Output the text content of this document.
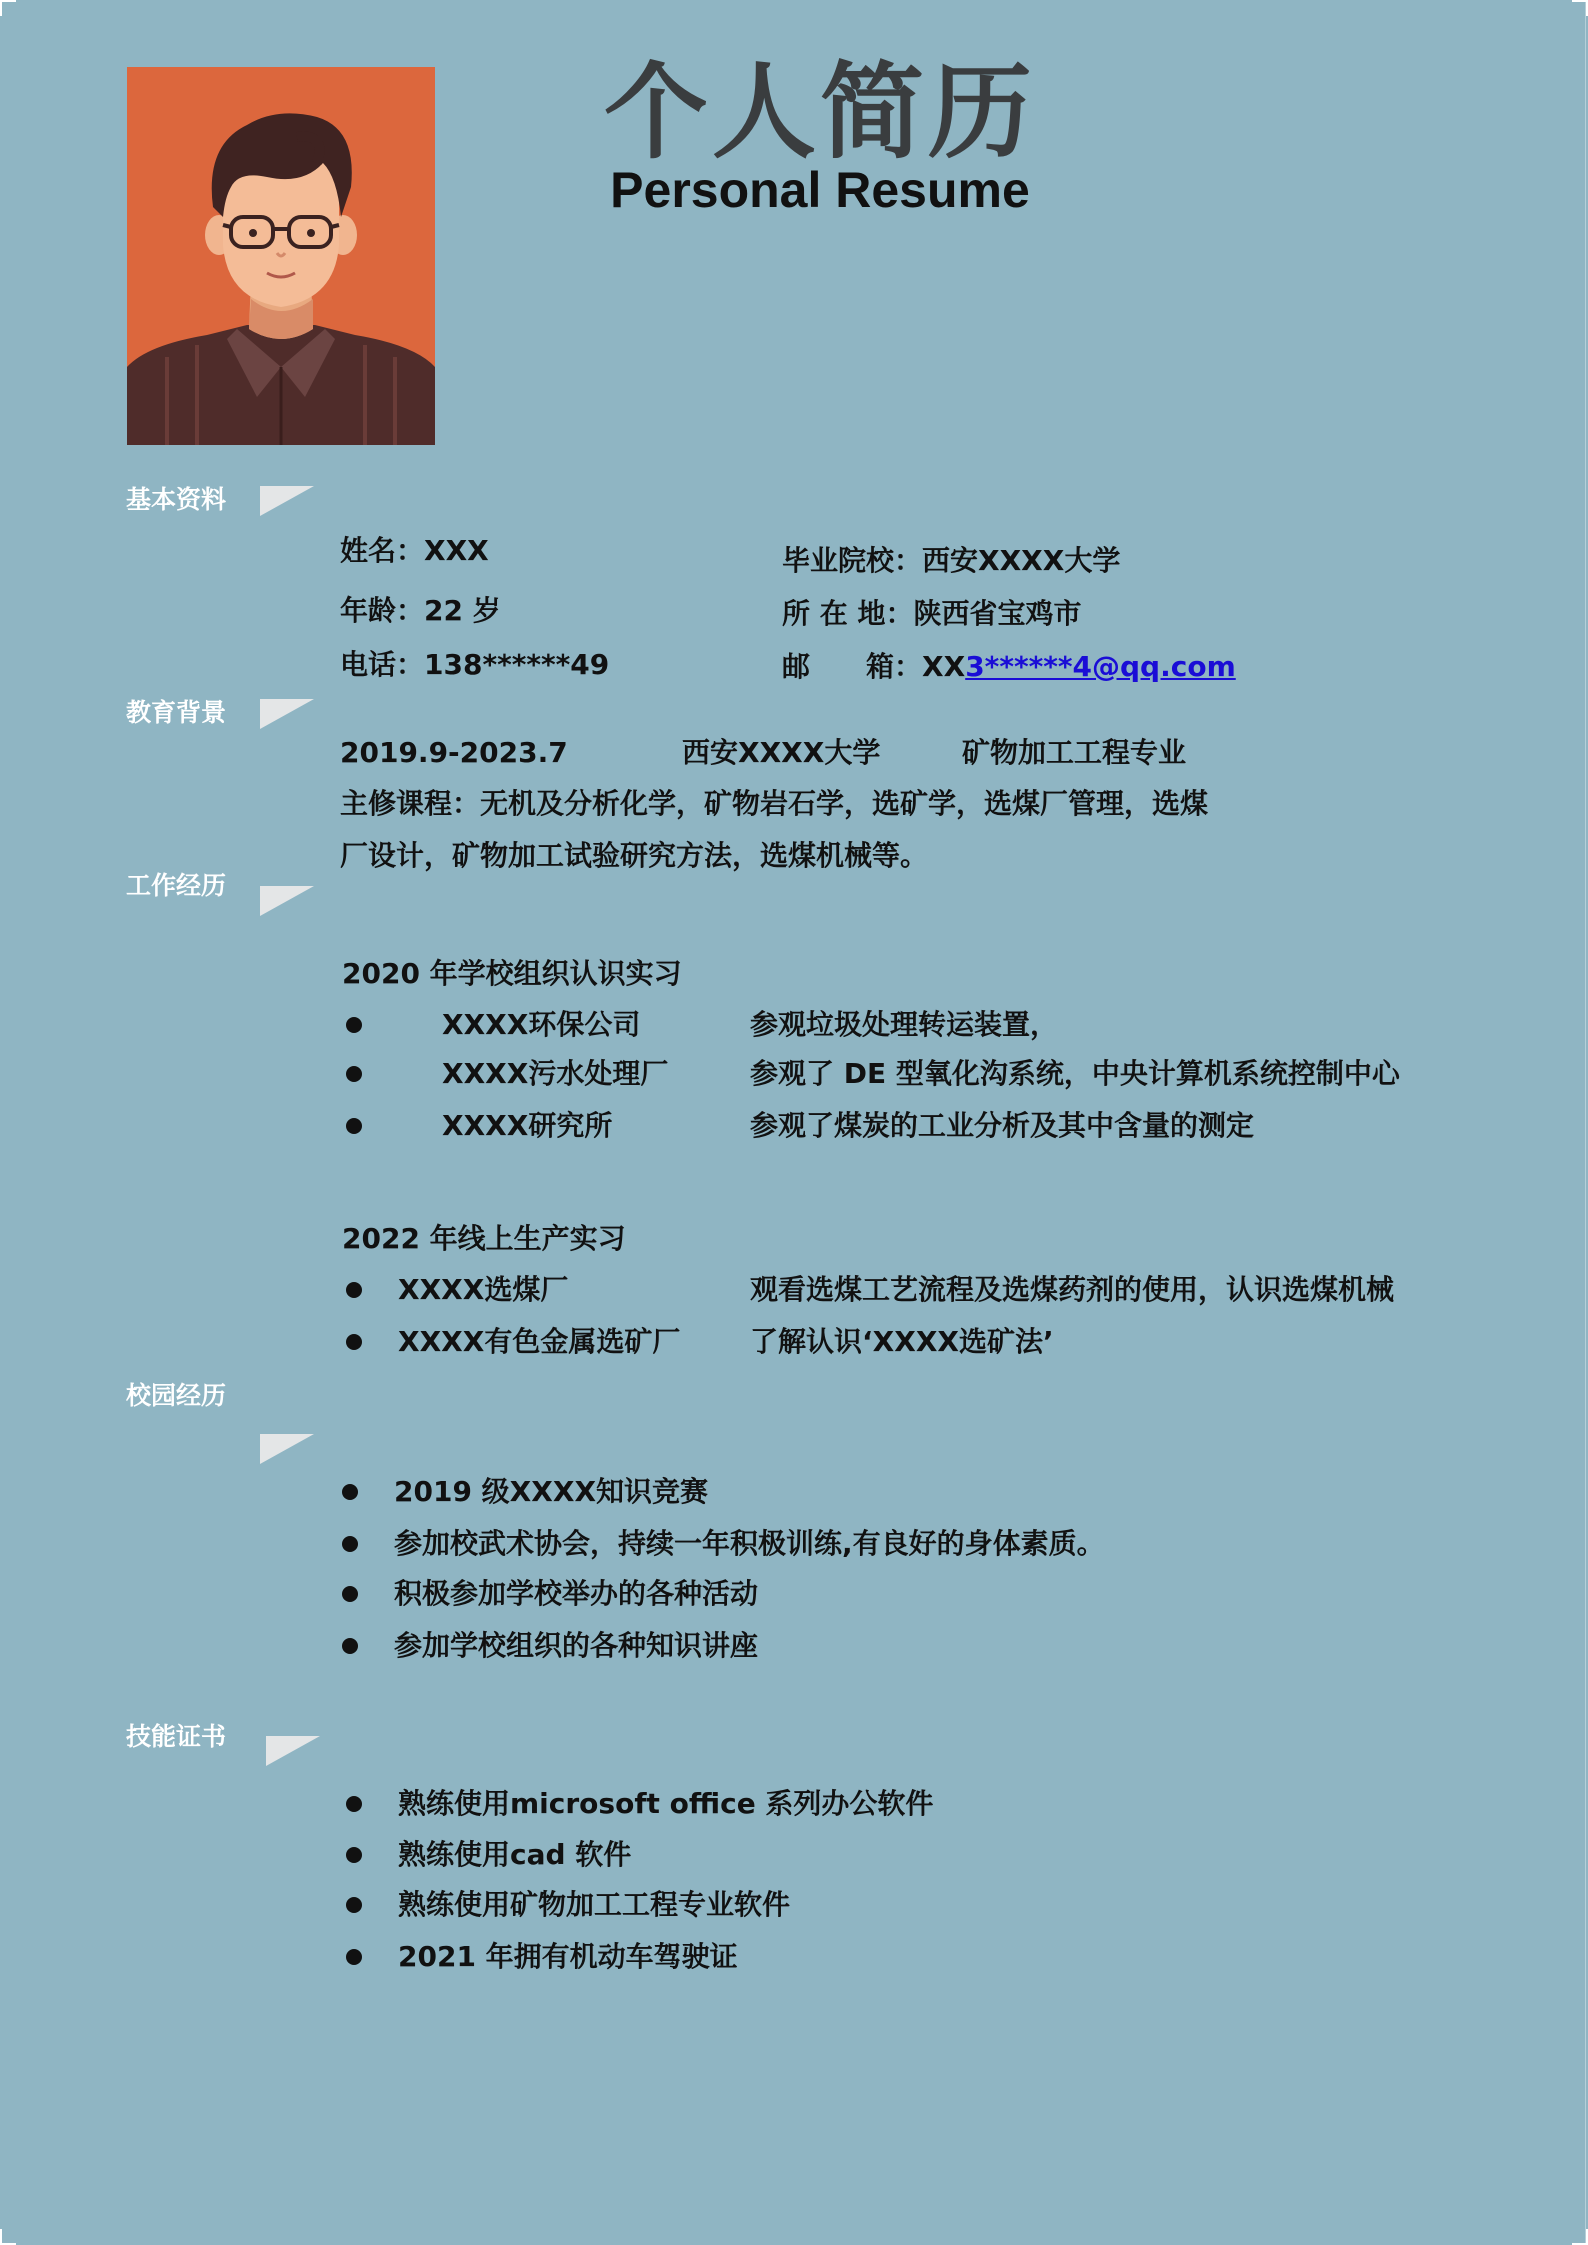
个人简历
Personal Resume
基本资料
姓名：XXX
年龄：22 岁
电话：138******49
毕业院校：西安XXXX大学
所 在 地：陕西省宝鸡市
邮　　箱：XX3******4@qq.com
教育背景
2019.9-2023.7	西安XXXX大学	矿物加工工程专业
主修课程：无机及分析化学，矿物岩石学，选矿学，选煤厂管理，选煤
厂设计，矿物加工试验研究方法，选煤机械等。
工作经历
2020 年学校组织认识实习
XXXX环保公司	参观垃圾处理转运装置，
XXXX污水处理厂	参观了 DE 型氧化沟系统，中央计算机系统控制中心
XXXX研究所	参观了煤炭的工业分析及其中含量的测定
2022 年线上生产实习
XXXX选煤厂	观看选煤工艺流程及选煤药剂的使用，认识选煤机械
XXXX有色金属选矿厂 了解认识‘XXXX选矿法’
校园经历
2019 级XXXX知识竞赛
参加校武术协会，持续一年积极训练,有良好的身体素质。
积极参加学校举办的各种活动
参加学校组织的各种知识讲座
技能证书
熟练使用microsoft office 系列办公软件
熟练使用cad 软件
熟练使用矿物加工工程专业软件
2021 年拥有机动车驾驶证
